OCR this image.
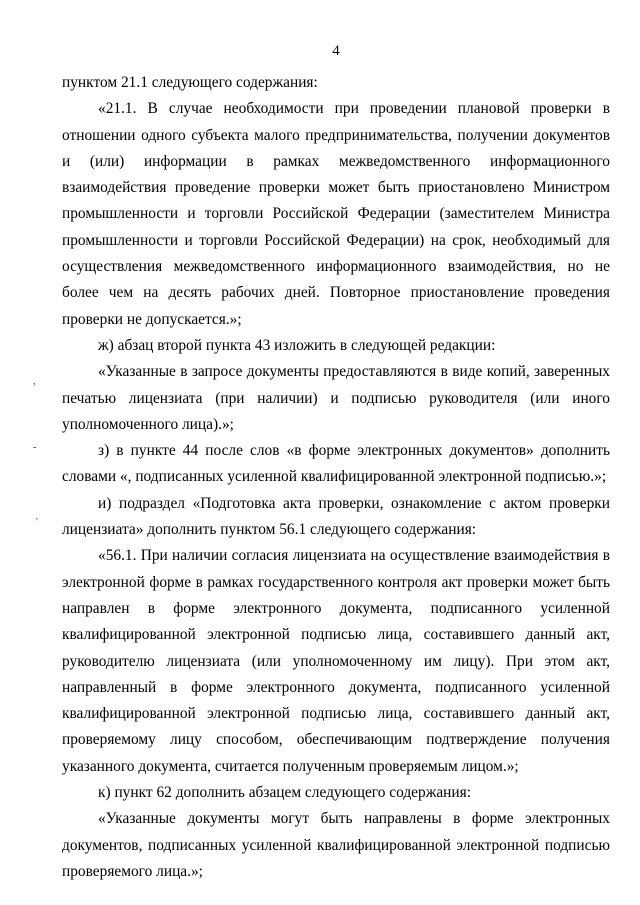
4
,
-
'

пунктом 21.1 следующего содержания:

«21.1. В случае необходимости при проведении плановой проверки в отношении одного субъекта малого предпринимательства, получении документов и (или) информации в рамках межведомственного информационного взаимодействия проведение проверки может быть приостановлено Министром промышленности и торговли Российской Федерации (заместителем Министра промышленности и торговли Российской Федерации) на срок, необходимый для осуществления межведомственного информационного взаимодействия, но не более чем на десять рабочих дней. Повторное приостановление проведения проверки не допускается.»;

ж) абзац второй пункта 43 изложить в следующей редакции:

«Указанные в запросе документы предоставляются в виде копий, заверенных печатью лицензиата (при наличии) и подписью руководителя (или иного уполномоченного лица).»;

з) в пункте 44 после слов «в форме электронных документов» дополнить словами «, подписанных усиленной квалифицированной электронной подписью.»;

и) подраздел «Подготовка акта проверки, ознакомление с актом проверки лицензиата» дополнить пунктом 56.1 следующего содержания:

«56.1. При наличии согласия лицензиата на осуществление взаимодействия в электронной форме в рамках государственного контроля акт проверки может быть направлен в форме электронного документа, подписанного усиленной квалифицированной электронной подписью лица, составившего данный акт, руководителю лицензиата (или уполномоченному им лицу). При этом акт, направленный в форме электронного документа, подписанного усиленной квалифицированной электронной подписью лица, составившего данный акт, проверяемому лицу способом, обеспечивающим подтверждение получения указанного документа, считается полученным проверяемым лицом.»;

к) пункт 62 дополнить абзацем следующего содержания:

«Указанные документы могут быть направлены в форме электронных документов, подписанных усиленной квалифицированной электронной подписью проверяемого лица.»;
